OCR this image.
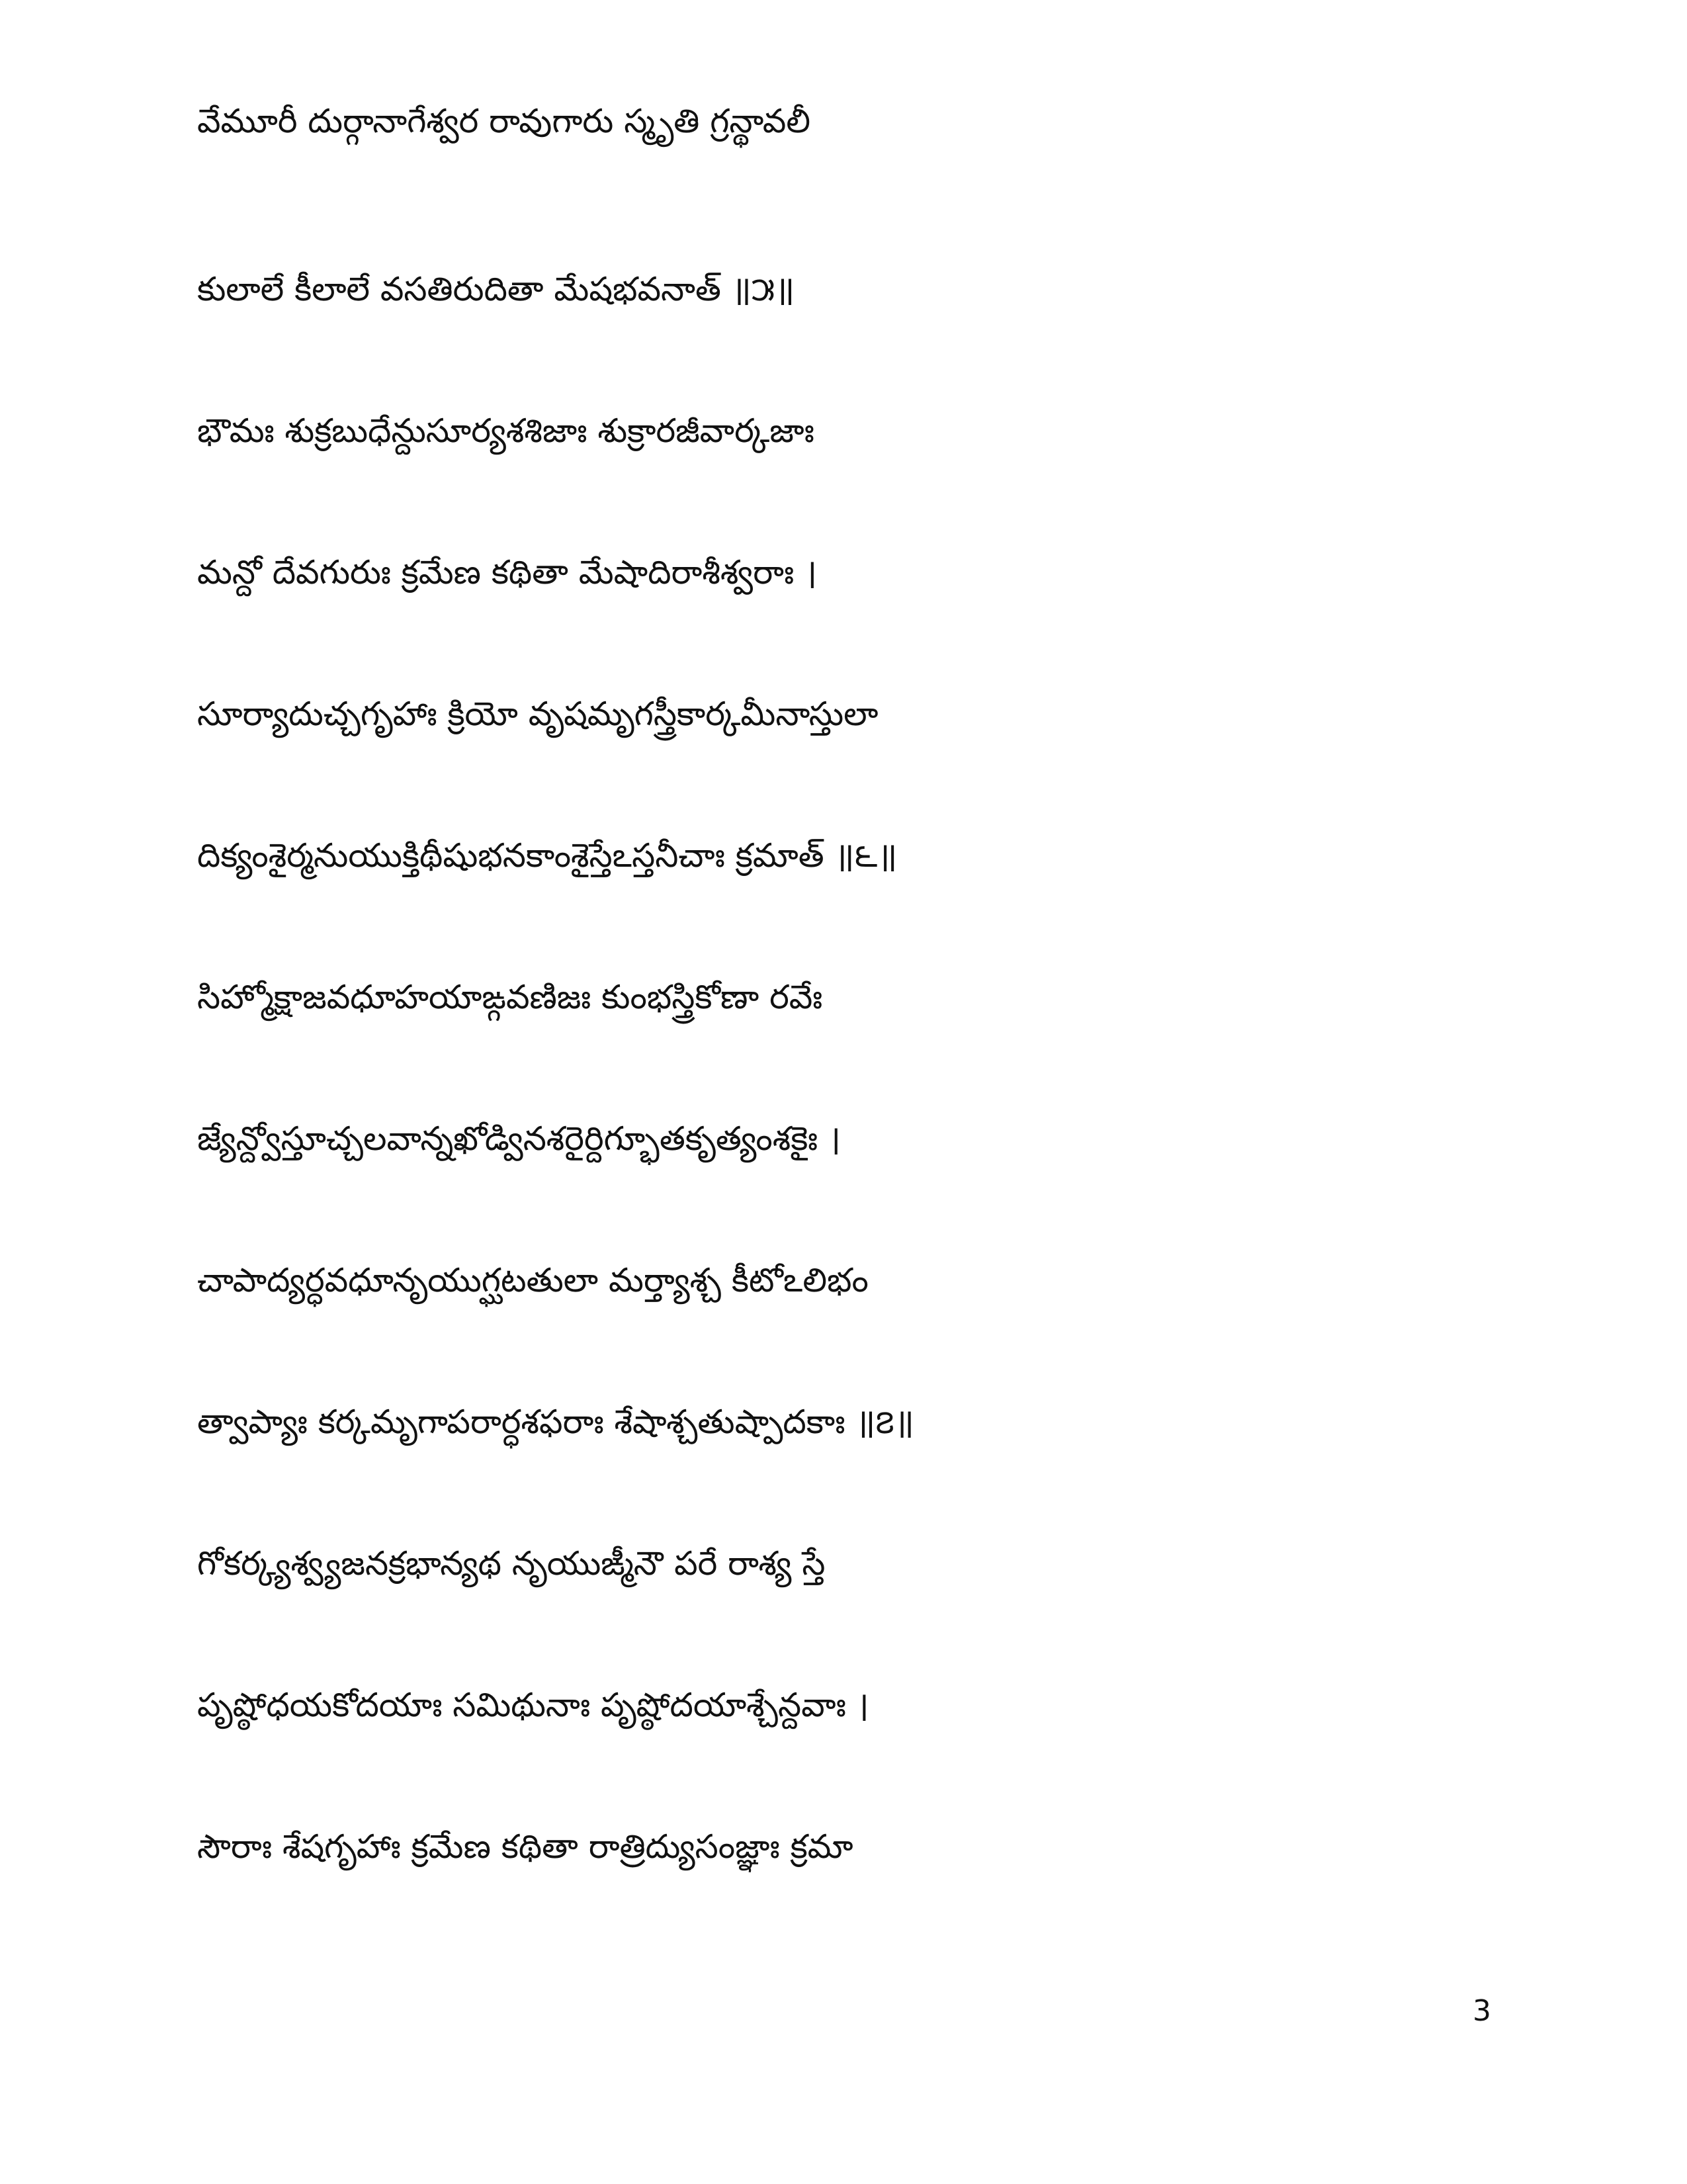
వేమూరీ దుర్గానాగేశ్వర రావుగారు స్మృతి గ్రన్థావలీ
కులాలే కీలాలే వసతిరుదితా మేషభవనాత్ ॥౫॥
భౌమః శుక్రబుధేన్దుసూర్యశశిజాః శుక్రారజీవార్కజాః
మన్దో దేవగురుః క్రమేణ కథితా మేషాదిరాశీశ్వరాః ।
సూర్యాదుచ్చగృహాః క్రియో వృషమృగస్త్రీకార్కమీనాస్తులా
దిక్యంశైర్మనుయుక్తిథీషుభనకాంశైస్తేఽస్తనీచాః క్రమాత్ ॥౬॥
సిహ్మోక్షాజవధూహయాఙ్గవణిజః కుంభస్త్రికోణా రవేః
జ్యేన్ద్వోస్తూచ్చలవాన్నఖోడ్వినశరైర్దిగ్భూతకృత్యంశకైః ।
చాపాద్యర్ధవధూనృయుగ్ఘటతులా మర్త్యాశ్చ కీటోఽలిభం
త్వాప్యాః కర్కమృగాపరార్ధశఫరాః శేషాశ్చతుష్పాదకాః ॥౭॥
గోకర్క్యశ్వ్యజనక్రభాన్యథ నృయుఙ్మీనౌ పరే రాశ్య స్తే
పృష్ఠోధయకోదయాః సమిథునాః పృష్ఠోదయాశ్చేన్దవాః ।
సౌరాః శేషగృహాః క్రమేణ కథితా రాత్రిద్యుసంజ్ఞాః క్రమా
3
